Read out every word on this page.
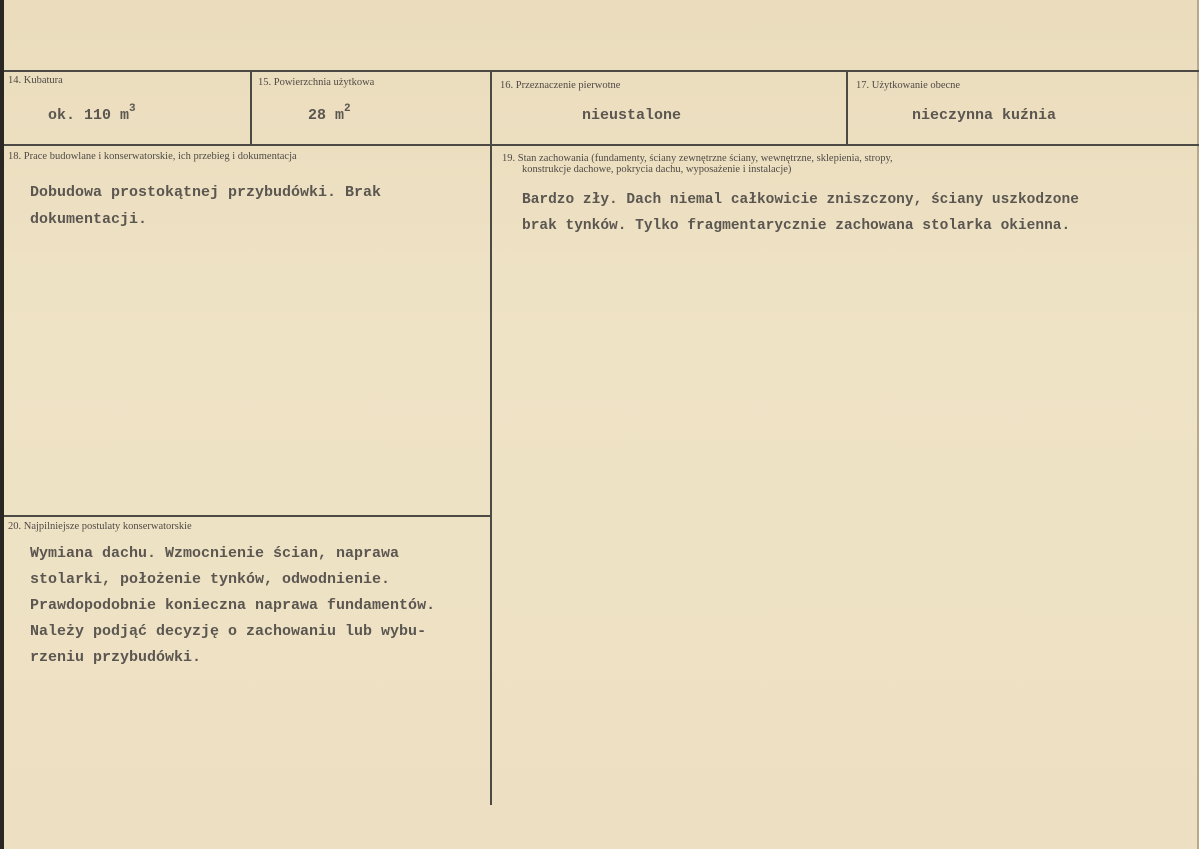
14. Kubatura
ok. 110 $m^3$
15. Powierzchnia użytkowa
28 $m^2$
16. Przeznaczenie pierwotne
nieustalone
17. Użytkowanie obecne
nieczynna kuźnia
18. Prace budowlane i konserwatorskie, ich przebieg i dokumentacja
Dobudowa prostokątnej przybudówki. Brak
dokumentacji.
19. Stan zachowania (fundamenty, ściany zewnętrzne ściany, wewnętrzne, sklepienia, stropy,
konstrukcje dachowe, pokrycia dachu, wyposażenie i instalacje)
Bardzo zły. Dach niemal całkowicie zniszczony, ściany uszkodzone
brak tynków. Tylko fragmentarycznie zachowana stolarka okienna.
20. Najpilniejsze postulaty konserwatorskie
Wymiana dachu. Wzmocnienie ścian, naprawa
stolarki, położenie tynków, odwodnienie.
Prawdopodobnie konieczna naprawa fundamentów.
Należy podjąć decyzję o zachowaniu lub wybu-
rzeniu przybudówki.
